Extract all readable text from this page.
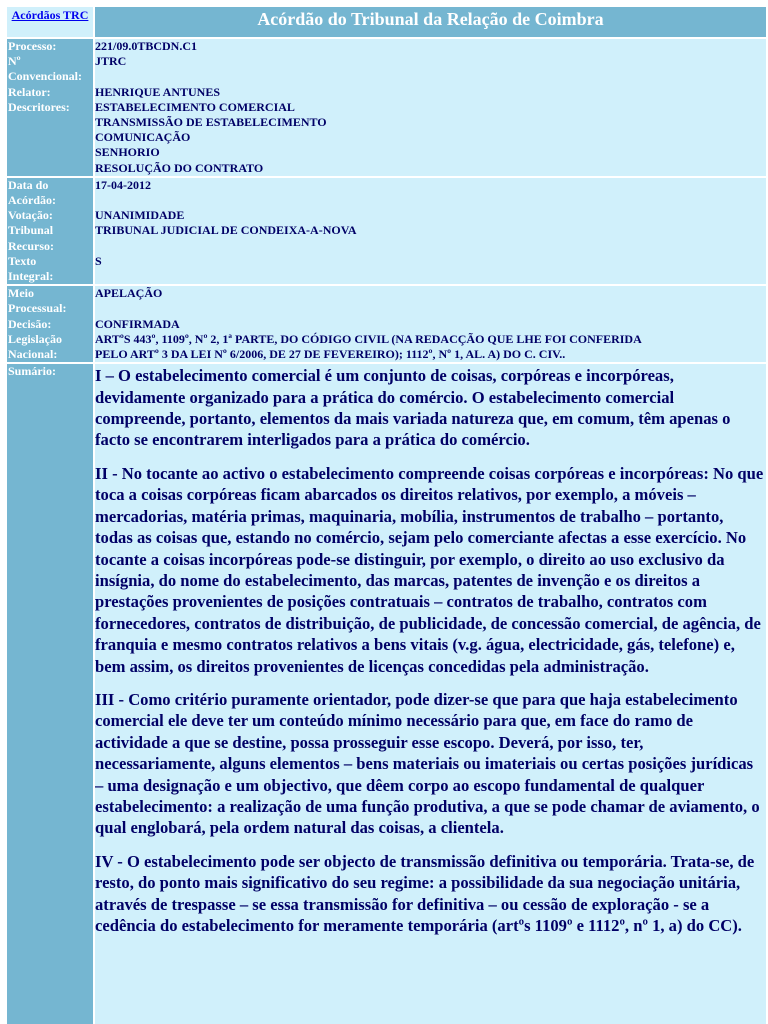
Acórdãos TRC	Acórdão do Tribunal da Relação de Coimbra
Processo:
Nº
Convencional:
Relator:
Descritores:
221/09.0TBCDN.C1
JTRC
HENRIQUE ANTUNES
ESTABELECIMENTO COMERCIAL
TRANSMISSÃO DE ESTABELECIMENTO
COMUNICAÇÃO
SENHORIO
RESOLUÇÃO DO CONTRATO
Data do
Acórdão:
Votação:
Tribunal
Recurso:
Texto
Integral:
17-04-2012
UNANIMIDADE
TRIBUNAL JUDICIAL DE CONDEIXA-A-NOVA
S
Meio
Processual:
Decisão:
Legislação
Nacional:
APELAÇÃO
CONFIRMADA
ARTºS 443º, 1109º, Nº 2, 1ª PARTE, DO CÓDIGO CIVIL (NA REDACÇÃO QUE LHE FOI CONFERIDA
PELO ARTº 3 DA LEI Nº 6/2006, DE 27 DE FEVEREIRO); 1112º, Nº 1, AL. A) DO C. CIV..
Sumário:	I – O estabelecimento comercial é um conjunto de coisas, corpóreas e incorpóreas, devidamente organizado para a prática do comércio. O estabelecimento comercial compreende, portanto, elementos da mais variada natureza que, em comum, têm apenas o facto se encontrarem interligados para a prática do comércio.

II - No tocante ao activo o estabelecimento compreende coisas corpóreas e incorpóreas: No que toca a coisas corpóreas ficam abarcados os direitos relativos, por exemplo, a móveis – mercadorias, matéria primas, maquinaria, mobília, instrumentos de trabalho – portanto, todas as coisas que, estando no comércio, sejam pelo comerciante afectas a esse exercício. No tocante a coisas incorpóreas pode-se distinguir, por exemplo, o direito ao uso exclusivo da insígnia, do nome do estabelecimento, das marcas, patentes de invenção e os direitos a prestações provenientes de posições contratuais – contratos de trabalho, contratos com fornecedores, contratos de distribuição, de publicidade, de concessão comercial, de agência, de franquia e mesmo contratos relativos a bens vitais (v.g. água, electricidade, gás, telefone) e, bem assim, os direitos provenientes de licenças concedidas pela administração.

III - Como critério puramente orientador, pode dizer-se que para que haja estabelecimento comercial ele deve ter um conteúdo mínimo necessário para que, em face do ramo de actividade a que se destine, possa prosseguir esse escopo. Deverá, por isso, ter, necessariamente, alguns elementos – bens materiais ou imateriais ou certas posições jurídicas – uma designação e um objectivo, que dêem corpo ao escopo fundamental de qualquer estabelecimento: a realização de uma função produtiva, a que se pode chamar de aviamento, o qual englobará, pela ordem natural das coisas, a clientela.

IV - O estabelecimento pode ser objecto de transmissão definitiva ou temporária. Trata-se, de resto, do ponto mais significativo do seu regime: a possibilidade da sua negociação unitária, através de trespasse – se essa transmissão for definitiva – ou cessão de exploração - se a cedência do estabelecimento for meramente temporária (artºs 1109º e 1112º, nº 1, a) do CC).
